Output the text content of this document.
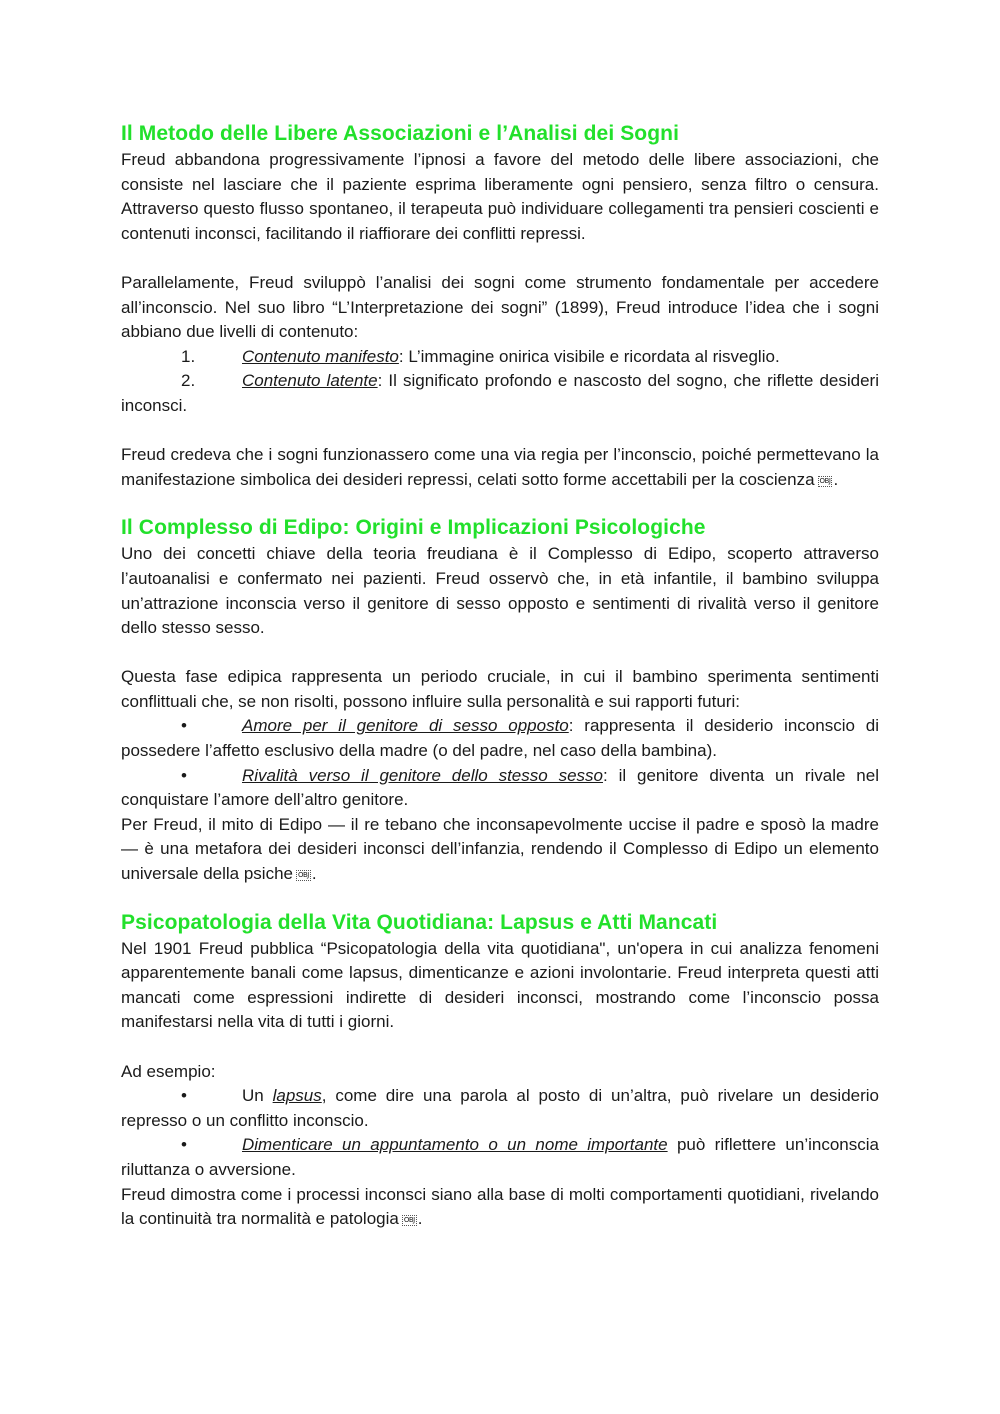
Il Metodo delle Libere Associazioni e l’Analisi dei Sogni

Freud abbandona progressivamente l’ipnosi a favore del metodo delle libere associazioni, che consiste nel lasciare che il paziente esprima liberamente ogni pensiero, senza filtro o censura. Attraverso questo flusso spontaneo, il terapeuta può individuare collegamenti tra pensieri coscienti e contenuti inconsci, facilitando il riaffiorare dei conflitti repressi.

Parallelamente, Freud sviluppò l’analisi dei sogni come strumento fondamentale per accedere all’inconscio. Nel suo libro “L’Interpretazione dei sogni” (1899), Freud introduce l’idea che i sogni abbiano due livelli di contenuto:

1.	Contenuto manifesto: L’immagine onirica visibile e ricordata al risveglio.

2.	Contenuto latente: Il significato profondo e nascosto del sogno, che riflette desideri inconsci.

Freud credeva che i sogni funzionassero come una via regia per l’inconscio, poiché permettevano la manifestazione simbolica dei desideri repressi, celati sotto forme accettabili per la coscienza OBJ .

Il Complesso di Edipo: Origini e Implicazioni Psicologiche

Uno dei concetti chiave della teoria freudiana è il Complesso di Edipo, scoperto attraverso l’autoanalisi e confermato nei pazienti. Freud osservò che, in età infantile, il bambino sviluppa un’attrazione inconscia verso il genitore di sesso opposto e sentimenti di rivalità verso il genitore dello stesso sesso.

Questa fase edipica rappresenta un periodo cruciale, in cui il bambino sperimenta sentimenti conflittuali che, se non risolti, possono influire sulla personalità e sui rapporti futuri:

•	Amore per il genitore di sesso opposto: rappresenta il desiderio inconscio di possedere l’affetto esclusivo della madre (o del padre, nel caso della bambina).

•	Rivalità verso il genitore dello stesso sesso: il genitore diventa un rivale nel conquistare l’amore dell’altro genitore.

Per Freud, il mito di Edipo — il re tebano che inconsapevolmente uccise il padre e sposò la madre — è una metafora dei desideri inconsci dell’infanzia, rendendo il Complesso di Edipo un elemento universale della psiche OBJ .

Psicopatologia della Vita Quotidiana: Lapsus e Atti Mancati

Nel 1901 Freud pubblica “Psicopatologia della vita quotidiana", un'opera in cui analizza fenomeni apparentemente banali come lapsus, dimenticanze e azioni involontarie. Freud interpreta questi atti mancati come espressioni indirette di desideri inconsci, mostrando come l’inconscio possa manifestarsi nella vita di tutti i giorni.

Ad esempio:

•	Un lapsus, come dire una parola al posto di un’altra, può rivelare un desiderio represso o un conflitto inconscio.

•	Dimenticare un appuntamento o un nome importante può riflettere un’inconscia riluttanza o avversione.

Freud dimostra come i processi inconsci siano alla base di molti comportamenti quotidiani, rivelando la continuità tra normalità e patologia OBJ .
